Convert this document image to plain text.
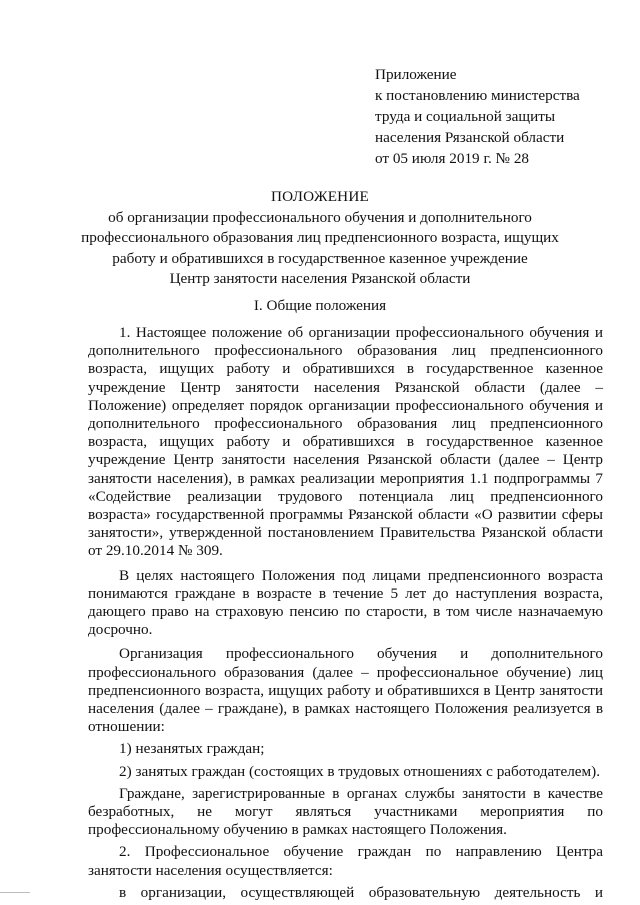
Приложение
к постановлению министерства
труда и социальной защиты
населения Рязанской области
от 05 июля 2019 г. № 28
ПОЛОЖЕНИЕ
об организации профессионального обучения и дополнительного
профессионального образования лиц предпенсионного возраста, ищущих
работу и обратившихся в государственное казенное учреждение
Центр занятости населения Рязанской области
I. Общие положения

1. Настоящее положение об организации профессионального обучения и дополнительного профессионального образования лиц предпенсионного возраста, ищущих работу и обратившихся в государственное казенное учреждение Центр занятости населения Рязанской области (далее – Положение) определяет порядок организации профессионального обучения и дополнительного профессионального образования лиц предпенсионного возраста, ищущих работу и обратившихся в государственное казенное учреждение Центр занятости населения Рязанской области (далее – Центр занятости населения), в рамках реализации мероприятия 1.1 подпрограммы 7 «Содействие реализации трудового потенциала лиц предпенсионного возраста» государственной программы Рязанской области «О развитии сферы занятости», утвержденной постановлением Правительства Рязанской области от 29.10.2014 № 309.

В целях настоящего Положения под лицами предпенсионного возраста понимаются граждане в возрасте в течение 5 лет до наступления возраста, дающего право на страховую пенсию по старости, в том числе назначаемую досрочно.

Организация профессионального обучения и дополнительного профессионального образования (далее – профессиональное обучение) лиц предпенсионного возраста, ищущих работу и обратившихся в Центр занятости населения (далее – граждане), в рамках настоящего Положения реализуется в отношении:

1) незанятых граждан;

2) занятых граждан (состоящих в трудовых отношениях с работодателем).

Граждане, зарегистрированные в органах службы занятости в качестве безработных, не могут являться участниками мероприятия по профессиональному обучению в рамках настоящего Положения.

2. Профессиональное обучение граждан по направлению Центра занятости населения осуществляется:

в организации, осуществляющей образовательную деятельность и
